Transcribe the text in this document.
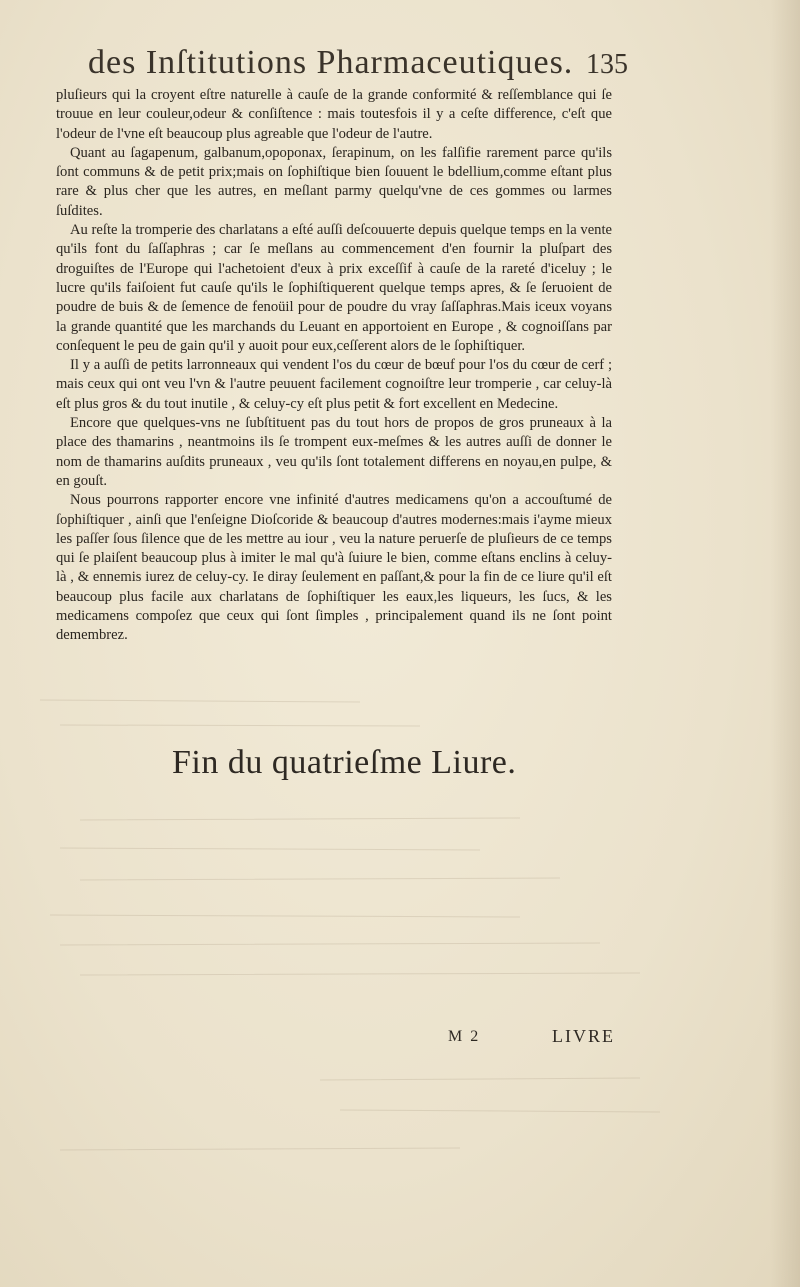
des Inſtitutions Pharmaceutiques. 135

pluſieurs qui la croyent eſtre naturelle à cauſe de la grande conformité & reſſemblance qui ſe trouue en leur couleur,odeur & conſiſtence : mais toutesfois il y a ceſte difference, c'eſt que l'odeur de l'vne eſt beaucoup plus agreable que l'odeur de l'autre.

Quant au ſagapenum, galbanum,opoponax, ſerapinum, on les falſifie rarement parce qu'ils ſont communs & de petit prix;mais on ſophiſtique bien ſouuent le bdellium,comme eſtant plus rare & plus cher que les autres, en meſlant parmy quelqu'vne de ces gommes ou larmes ſuſdites.

Au reſte la tromperie des charlatans a eſté auſſi deſcouuerte depuis quelque temps en la vente qu'ils font du ſaſſaphras ; car ſe meſlans au commencement d'en fournir la pluſpart des droguiſtes de l'Europe qui l'achetoient d'eux à prix exceſſif à cauſe de la rareté d'iceluy ; le lucre qu'ils faiſoient fut cauſe qu'ils le ſophiſtiquerent quelque temps apres, & ſe ſeruoient de poudre de buis & de ſemence de fenoüil pour de poudre du vray ſaſſaphras.Mais iceux voyans la grande quantité que les marchands du Leuant en apportoient en Europe , & cognoiſſans par conſequent le peu de gain qu'il y auoit pour eux,ceſſerent alors de le ſophiſtiquer.

Il y a auſſi de petits larronneaux qui vendent l'os du cœur de bœuf pour l'os du cœur de cerf ; mais ceux qui ont veu l'vn & l'autre peuuent facilement cognoiſtre leur tromperie , car celuy-là eſt plus gros & du tout inutile , & celuy-cy eſt plus petit & fort excellent en Medecine.

Encore que quelques-vns ne ſubſtituent pas du tout hors de propos de gros pruneaux à la place des thamarins , neantmoins ils ſe trompent eux-meſmes & les autres auſſi de donner le nom de thamarins auſdits pruneaux , veu qu'ils ſont totalement differens en noyau,en pulpe, & en gouſt.

Nous pourrons rapporter encore vne infinité d'autres medicamens qu'on a accouſtumé de ſophiſtiquer , ainſi que l'enſeigne Dioſcoride & beaucoup d'autres modernes:mais i'ayme mieux les paſſer ſous ſilence que de les mettre au iour , veu la nature peruerſe de pluſieurs de ce temps qui ſe plaiſent beaucoup plus à imiter le mal qu'à ſuiure le bien, comme eſtans enclins à celuy-là , & ennemis iurez de celuy-cy. Ie diray ſeulement en paſſant,& pour la fin de ce liure qu'il eſt beaucoup plus facile aux charlatans de ſophiſtiquer les eaux,les liqueurs, les ſucs, & les medicamens compoſez que ceux qui ſont ſimples , principalement quand ils ne ſont point demembrez.

Fin du quatrieſme Liure.
M 2	LIVRE
